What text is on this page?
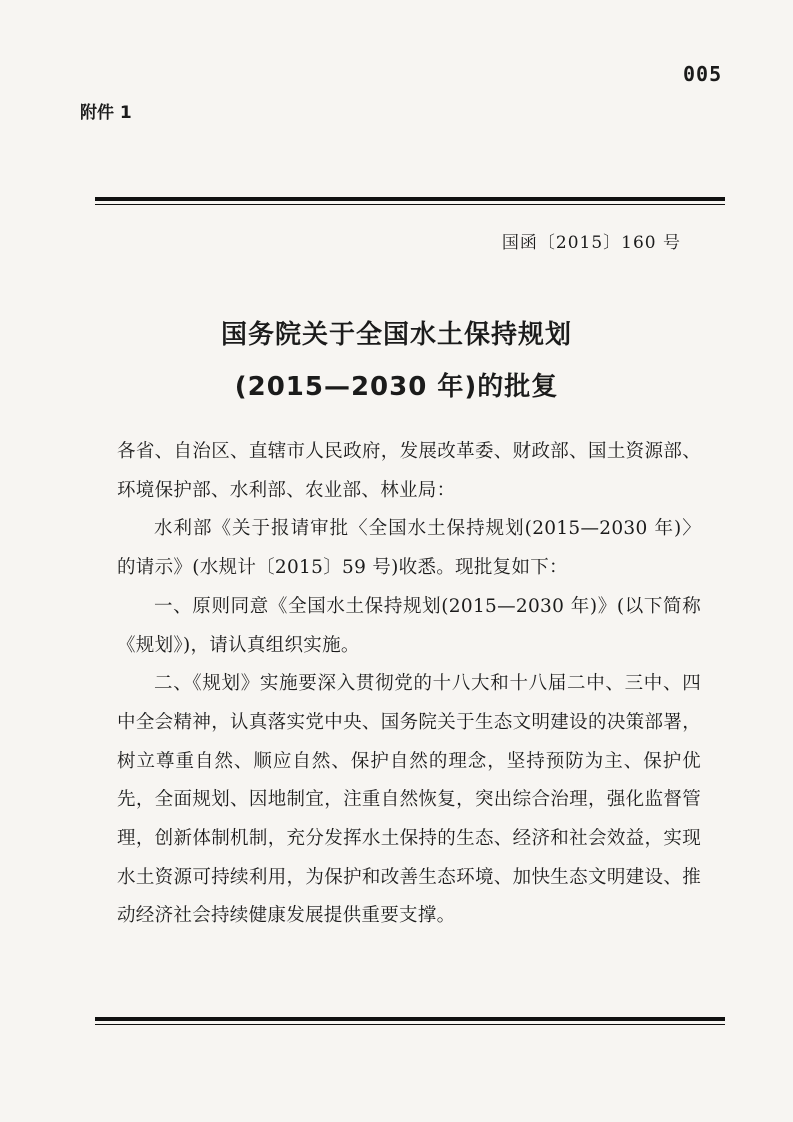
005
附件 1
国函〔2015〕160 号
国务院关于全国水土保持规划
(2015—2030 年)的批复

各省、自治区、直辖市人民政府，发展改革委、财政部、国土资源部、环境保护部、水利部、农业部、林业局：

水利部《关于报请审批〈全国水土保持规划(2015—2030 年)〉的请示》(水规计〔2015〕59 号)收悉。现批复如下：

一、原则同意《全国水土保持规划(2015—2030 年)》(以下简称《规划》)，请认真组织实施。

二、《规划》实施要深入贯彻党的十八大和十八届二中、三中、四中全会精神，认真落实党中央、国务院关于生态文明建设的决策部署，树立尊重自然、顺应自然、保护自然的理念，坚持预防为主、保护优先，全面规划、因地制宜，注重自然恢复，突出综合治理，强化监督管理，创新体制机制，充分发挥水土保持的生态、经济和社会效益，实现水土资源可持续利用，为保护和改善生态环境、加快生态文明建设、推动经济社会持续健康发展提供重要支撑。
